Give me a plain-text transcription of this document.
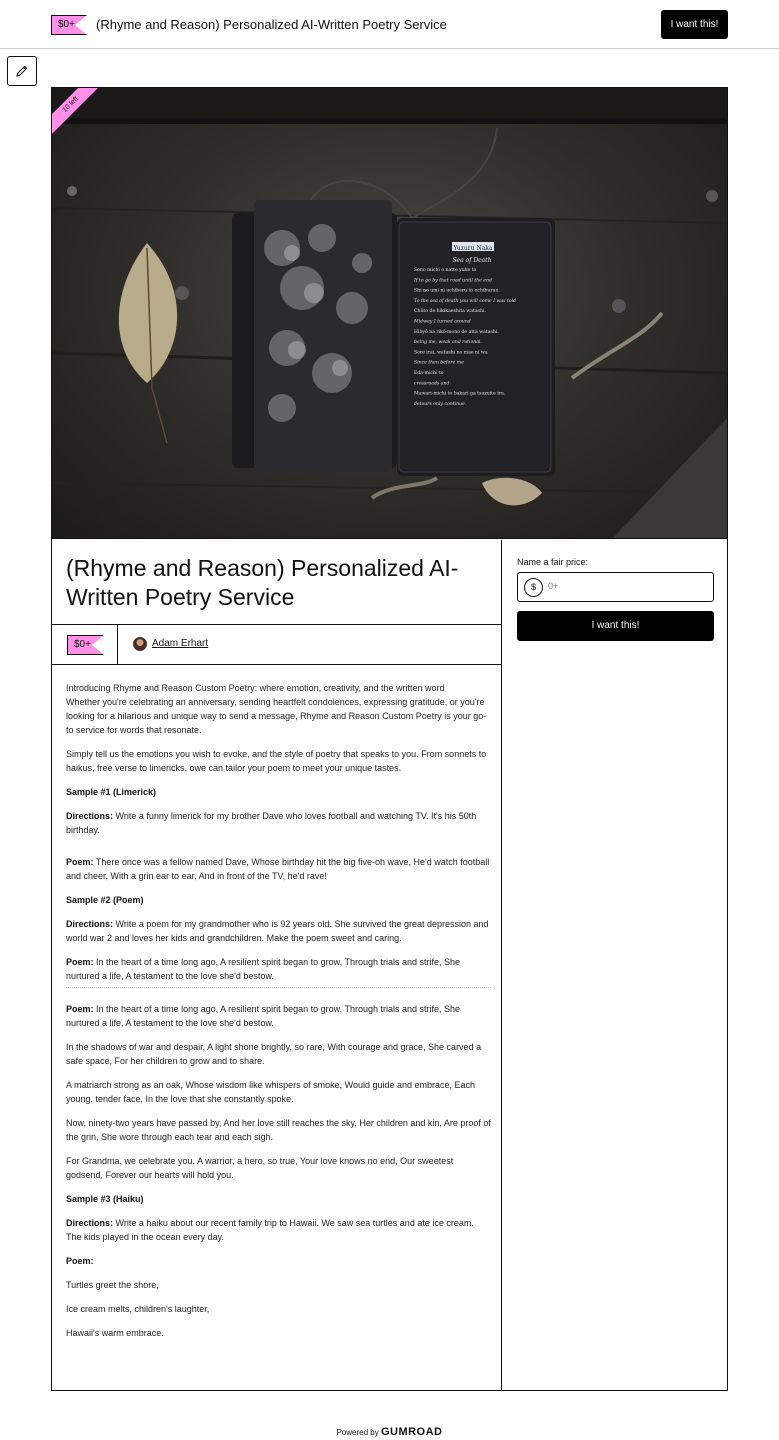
$0+	(Rhyme and Reason) Personalized AI-Written Poetry Service	I want this!
Yuzuru Naka
Sea of Death
Sono michi o natte yuke to
If to go by that road until the end
Shi no umi ni uchiberu to ochiburue.
To the sea of death you will come I was told
Chūto de hikikaeshita watashi.
Midway I turned around
Hibyō na rikō-mono de atta watashi.
being me, weak and rational.
Sore irai, watashi no mae ni wa
Since then before me
Eda-michi to
crossroads and
Mawari-michi to bakari ga tsuzuite iru.
detours only continue.
10 left
(Rhyme and Reason) Personalized AI-Written Poetry Service
$0+	Adam Erhart
Introducing Rhyme and Reason Custom Poetry: where emotion, creativity, and the written word

Whether you're celebrating an anniversary, sending heartfelt condolences, expressing gratitude, or you're looking for a hilarious and unique way to send a message, Rhyme and Reason Custom Poetry is your go-to service for words that resonate.

Simply tell us the emotions you wish to evoke, and the style of poetry that speaks to you. From sonnets to haikus, free verse to limericks, owe can tailor your poem to meet your unique tastes.

Sample #1 (Limerick)

Directions: Write a funny limerick for my brother Dave who loves football and watching TV. It's his 50th birthday.

Poem: There once was a fellow named Dave, Whose birthday hit the big five-oh wave, He'd watch football and cheer, With a grin ear to ear, And in front of the TV, he'd rave!

Sample #2 (Poem)

Directions: Write a poem for my grandmother who is 92 years old. She survived the great depression and world war 2 and loves her kids and grandchildren. Make the poem sweet and caring.

Poem: In the heart of a time long ago, A resilient spirit began to grow, Through trials and strife, She nurtured a life, A testament to the love she'd bestow.

Poem: In the heart of a time long ago, A resilient spirit began to grow, Through trials and strife, She nurtured a life, A testament to the love she'd bestow.

In the shadows of war and despair, A light shone brightly, so rare, With courage and grace, She carved a safe space, For her children to grow and to share.

A matriarch strong as an oak, Whose wisdom like whispers of smoke, Would guide and embrace, Each young, tender face, In the love that she constantly spoke.

Now, ninety-two years have passed by, And her love still reaches the sky, Her children and kin, Are proof of the grin, She wore through each tear and each sigh.

For Grandma, we celebrate you, A warrior, a hero, so true, Your love knows no end, Our sweetest godsend, Forever our hearts will hold you.

Sample #3 (Haiku)

Directions: Write a haiku about our recent family trip to Hawaii. We saw sea turtles and ate ice cream. The kids played in the ocean every day.

Poem:

Turtles greet the shore,

Ice cream melts, children's laughter,

Hawaii's warm embrace.

Name a fair price:
$
0+
I want this!
Powered by GUMROAD
